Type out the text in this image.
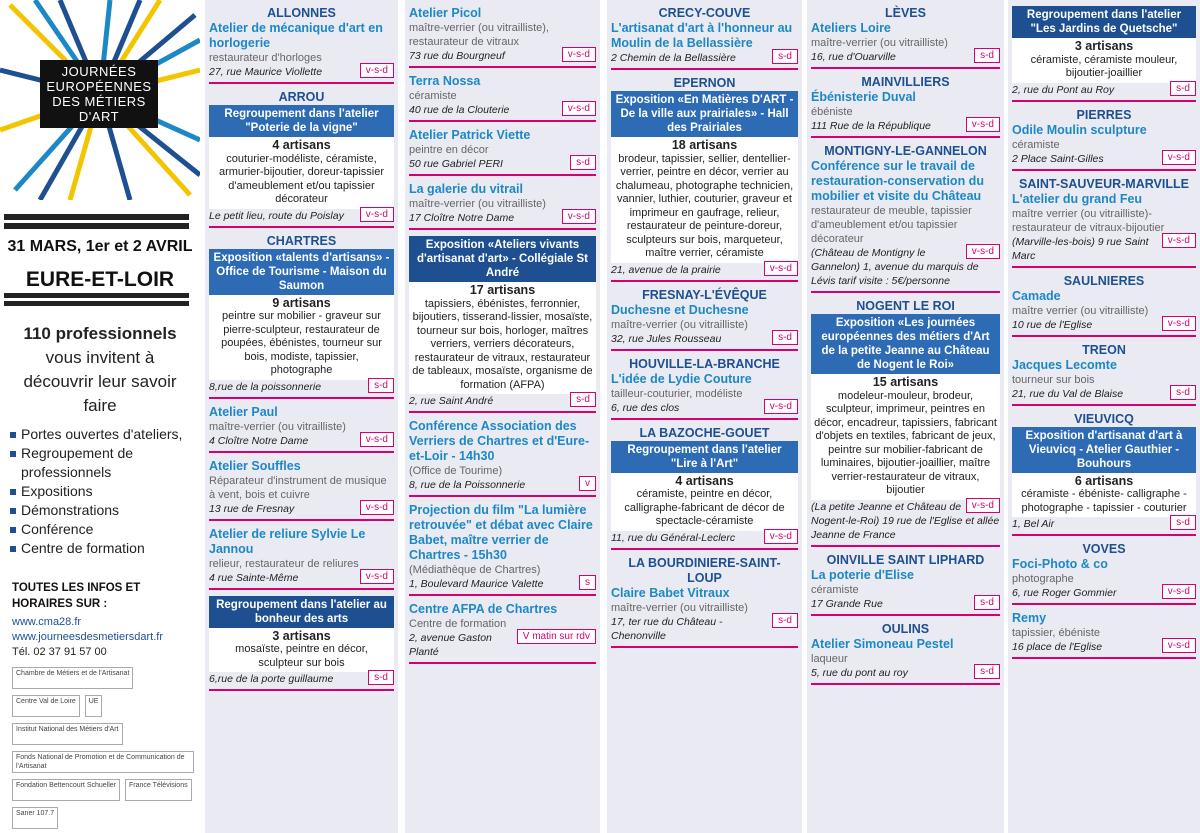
JOURNÉES EUROPÉENNES DES MÉTIERS D'ART
31 MARS, 1er et 2 AVRIL
EURE-ET-LOIR
110 professionnels
vous invitent à découvrir leur savoir faire
Portes ouvertes d'ateliers,
Regroupement de professionnels
Expositions
Démonstrations
Conférence
Centre de formation
TOUTES LES INFOS ET HORAIRES SUR :
www.cma28.fr
www.journeesdesmetiersdart.fr
Tél. 02 37 91 57 00
Chambre de Métiers et de l'Artisanat Centre Val de Loire UE Institut National des Métiers d'Art Fonds National de Promotion et de Communication de l'Artisanat Fondation Bettencourt Schueller France Télévisions Saner 107.7
ALLONNES
Atelier de mécanique d'art en horlogerie
restaurateur d'horloges
v-s-d
27, rue Maurice Viollette
ARROU
Regroupement dans l'atelier "Poterie de la vigne"
4 artisans
couturier-modéliste, céramiste, armurier-bijoutier, doreur-tapissier d'ameublement et/ou tapissier décorateur
v-s-d
Le petit lieu, route du Poislay
CHARTRES
Exposition «talents d'artisans» - Office de Tourisme - Maison du Saumon
9 artisans
peintre sur mobilier - graveur sur pierre-sculpteur, restaurateur de poupées, ébénistes, tourneur sur bois, modiste, tapissier, photographe
s-d
8,rue de la poissonnerie
Atelier Paul
maître-verrier (ou vitrailliste)
v-s-d
4 Cloître Notre Dame
Atelier Souffles
Réparateur d'instrument de musique à vent, bois et cuivre
v-s-d
13 rue de Fresnay
Atelier de reliure Sylvie Le Jannou
relieur, restaurateur de reliures
v-s-d
4 rue Sainte-Même
Regroupement dans l'atelier au bonheur des arts
3 artisans
mosaïste, peintre en décor, sculpteur sur bois
s-d
6,rue de la porte guillaume
Atelier Picol
maître-verrier (ou vitrailliste), restaurateur de vitraux
v-s-d
73 rue du Bourgneuf
Terra Nossa
céramiste
v-s-d
40 rue de la Clouterie
Atelier Patrick Viette
peintre en décor
s-d
50 rue Gabriel PERI
La galerie du vitrail
maître-verrier (ou vitrailliste)
v-s-d
17 Cloître Notre Dame
Exposition «Ateliers vivants d'artisanat d'art» - Collégiale St André
17 artisans
tapissiers, ébénistes, ferronnier, bijoutiers, tisserand-lissier, mosaïste, tourneur sur bois, horloger, maîtres verriers, verriers décorateurs, restaurateur de vitraux, restaurateur de tableaux, mosaïste, organisme de formation (AFPA)
s-d
2, rue Saint André
Conférence Association des Verriers de Chartres et d'Eure-et-Loir - 14h30
(Office de Tourime)
v
8, rue de la Poissonnerie
Projection du film "La lumière retrouvée" et débat avec Claire Babet, maître verrier de Chartres - 15h30
(Médiathèque de Chartres)
s
1, Boulevard Maurice Valette
Centre AFPA de Chartres
Centre de formation
V matin sur rdv
2, avenue Gaston Planté
CRECY-COUVE
L'artisanat d'art à l'honneur au Moulin de la Bellassière
s-d
2 Chemin de la Bellassière
EPERNON
Exposition «En Matières D'ART - De la ville aux prairiales» - Hall des Prairiales
18 artisans
brodeur, tapissier, sellier, dentellier-verrier, peintre en décor, verrier au chalumeau, photographe technicien, vannier, luthier, couturier, graveur et imprimeur en gaufrage, relieur, restaurateur de peinture-doreur, sculpteurs sur bois, marqueteur, maître verrier, céramiste
v-s-d
21, avenue de la prairie
FRESNAY-L'ÉVÊQUE
Duchesne et Duchesne
maître-verrier (ou vitrailliste)
s-d
32, rue Jules Rousseau
HOUVILLE-LA-BRANCHE
L'idée de Lydie Couture
tailleur-couturier, modéliste
v-s-d
6, rue des clos
LA BAZOCHE-GOUET
Regroupement dans l'atelier "Lire à l'Art"
4 artisans
céramiste, peintre en décor, calligraphe-fabricant de décor de spectacle-céramiste
v-s-d
11, rue du Général-Leclerc
LA BOURDINIERE-SAINT-LOUP
Claire Babet Vitraux
maître-verrier (ou vitrailliste)
s-d
17, ter rue du Château - Chenonville
LÈVES
Ateliers Loire
maître-verrier (ou vitrailliste)
s-d
16, rue d'Ouarville
MAINVILLIERS
Ébénisterie Duval
ébéniste
v-s-d
111 Rue de la République
MONTIGNY-LE-GANNELON
Conférence sur le travail de restauration-conservation du mobilier et visite du Château
restaurateur de meuble, tapissier d'ameublement et/ou tapissier décorateur
v-s-d
(Château de Montigny le Gannelon) 1, avenue du marquis de Lévis tarif visite : 5€/personne
NOGENT LE ROI
Exposition «Les journées européennes des métiers d'Art de la petite Jeanne au Château de Nogent le Roi»
15 artisans
modeleur-mouleur, brodeur, sculpteur, imprimeur, peintres en décor, encadreur, tapissiers, fabricant d'objets en textiles, fabricant de jeux, peintre sur mobilier-fabricant de luminaires, bijoutier-joaillier, maître verrier-restaurateur de vitraux, bijoutier
v-s-d
(La petite Jeanne et Château de Nogent-le-Roi) 19 rue de l'Eglise et allée Jeanne de France
OINVILLE SAINT LIPHARD
La poterie d'Elise
céramiste
s-d
17 Grande Rue
OULINS
Atelier Simoneau Pestel
laqueur
s-d
5, rue du pont au roy
Regroupement dans l'atelier "Les Jardins de Quetsche"
3 artisans
céramiste, céramiste mouleur, bijoutier-joaillier
s-d
2, rue du Pont au Roy
PIERRES
Odile Moulin sculpture
céramiste
v-s-d
2 Place Saint-Gilles
SAINT-SAUVEUR-MARVILLE
L'atelier du grand Feu
maître verrier (ou vitrailliste)-restaurateur de vitraux-bijoutier
v-s-d
(Marville-les-bois) 9 rue Saint Marc
SAULNIERES
Camade
maître verrier (ou vitrailliste)
v-s-d
10 rue de l'Eglise
TREON
Jacques Lecomte
tourneur sur bois
s-d
21, rue du Val de Blaise
VIEUVICQ
Exposition d'artisanat d'art à Vieuvicq - Atelier Gauthier - Bouhours
6 artisans
céramiste - ébéniste- calligraphe - photographe - tapissier - couturier
s-d
1, Bel Air
VOVES
Foci-Photo & co
photographe
v-s-d
6, rue Roger Gommier
Remy
tapissier, ébéniste
v-s-d
16 place de l'Eglise
